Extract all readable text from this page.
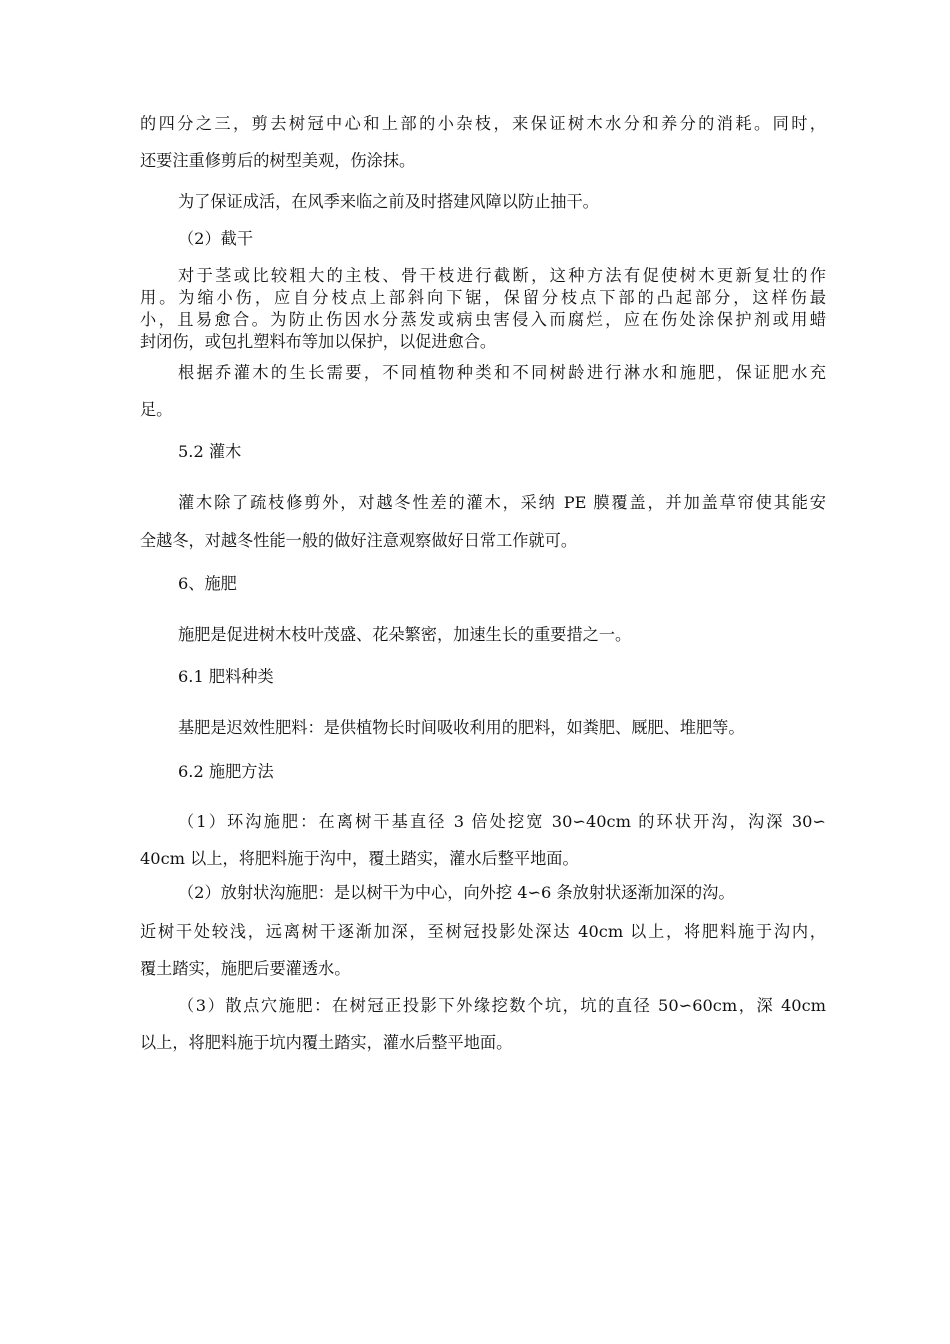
的四分之三，剪去树冠中心和上部的小杂枝，来保证树木水分和养分的消耗。同时，
还要注重修剪后的树型美观，伤涂抹。
为了保证成活，在风季来临之前及时搭建风障以防止抽干。
（2）截干
对于茎或比较粗大的主枝、骨干枝进行截断，这种方法有促使树木更新复壮的作
用。为缩小伤，应自分枝点上部斜向下锯，保留分枝点下部的凸起部分，这样伤最
小，且易愈合。为防止伤因水分蒸发或病虫害侵入而腐烂，应在伤处涂保护剂或用蜡
封闭伤，或包扎塑料布等加以保护，以促进愈合。
根据乔灌木的生长需要，不同植物种类和不同树龄进行淋水和施肥，保证肥水充
足。
5.2 灌木
灌木除了疏枝修剪外，对越冬性差的灌木，采纳 PE 膜覆盖，并加盖草帘使其能安
全越冬，对越冬性能一般的做好注意观察做好日常工作就可。
6、施肥
施肥是促进树木枝叶茂盛、花朵繁密，加速生长的重要措之一。
6.1 肥料种类
基肥是迟效性肥料：是供植物长时间吸收利用的肥料，如粪肥、厩肥、堆肥等。
6.2 施肥方法
（1）环沟施肥：在离树干基直径 3 倍处挖宽 30∽40cm 的环状开沟，沟深 30∽
40cm 以上，将肥料施于沟中，覆土踏实，灌水后整平地面。
（2）放射状沟施肥：是以树干为中心，向外挖 4∽6 条放射状逐渐加深的沟。
近树干处较浅，远离树干逐渐加深，至树冠投影处深达 40cm 以上，将肥料施于沟内，
覆土踏实，施肥后要灌透水。
（3）散点穴施肥：在树冠正投影下外缘挖数个坑，坑的直径 50∽60cm，深 40cm
以上，将肥料施于坑内覆土踏实，灌水后整平地面。
